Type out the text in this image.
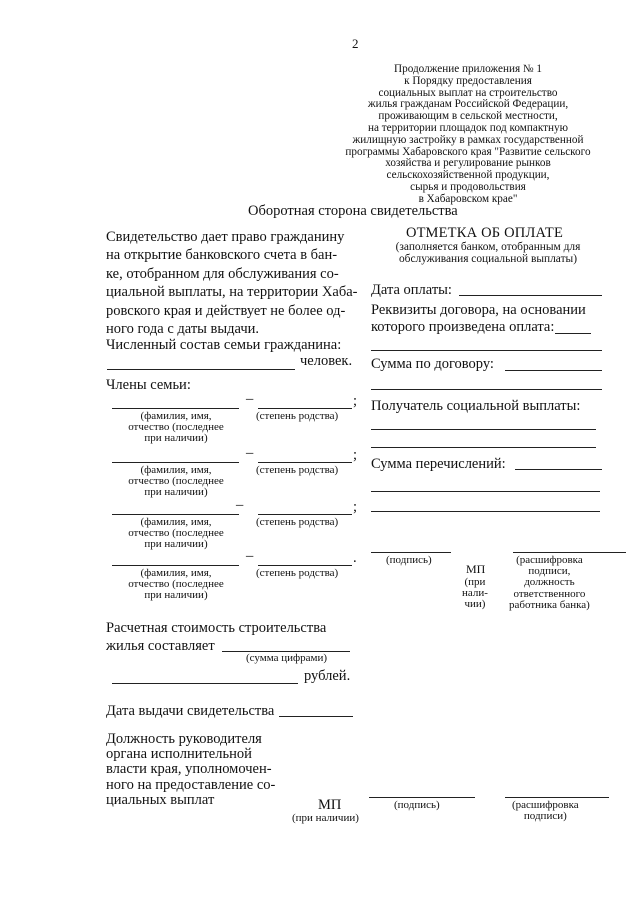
2
Продолжение приложения № 1
к Порядку предоставления
социальных выплат на строительство
жилья гражданам Российской Федерации,
проживающим в сельской местности,
на территории площадок под компактную
жилищную застройку в рамках государственной
программы Хабаровского края "Развитие сельского
хозяйства и регулирование рынков
сельскохозяйственной продукции,
сырья и продовольствия
в Хабаровском крае"
Оборотная сторона свидетельства
Свидетельство дает право гражданину
на открытие банковского счета в бан-
ке, отобранном для обслуживания со-
циальной выплаты, на территории Хаба-
ровского края и действует не более од-
ного года с даты выдачи.
Численный состав семьи гражданина:
человек.
Члены семьи:
–	;
(фамилия, имя,
отчество (последнее
при наличии)
(степень родства)
–	;
(фамилия, имя,
отчество (последнее
при наличии)
(степень родства)
–	;
(фамилия, имя,
отчество (последнее
при наличии)
(степень родства)
–	.
(фамилия, имя,
отчество (последнее
при наличии)
(степень родства)
Расчетная стоимость строительства
жилья составляет
(сумма цифрами)
рублей.
Дата выдачи свидетельства
Должность руководителя
органа исполнительной
власти края, уполномочен-
ного на предоставление со-
циальных выплат	МП
(при наличии)
(подпись)	(расшифровка
подписи)
ОТМЕТКА ОБ ОПЛАТЕ
(заполняется банком, отобранным для
обслуживания социальной выплаты)
Дата оплаты:
Реквизиты договора, на основании
которого произведена оплата:
Сумма по договору:
Получатель социальной выплаты:
Сумма перечислений:
(подпись)
МП
(при
нали-
чии)
(расшифровка
подписи,
должность
ответственного
работника банка)
